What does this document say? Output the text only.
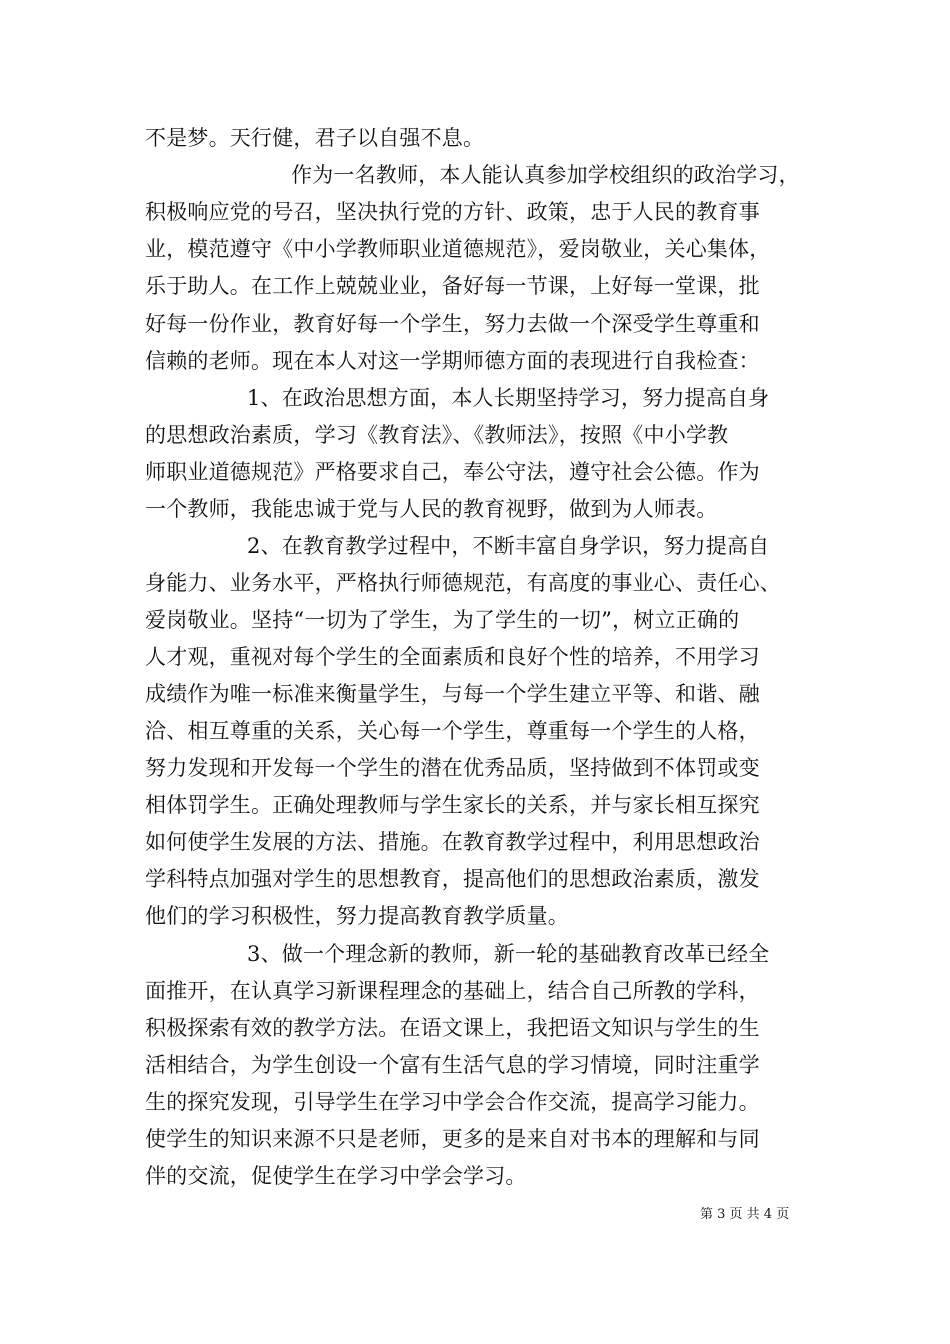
不是梦。天行健，君子以自强不息。
作为一名教师，本人能认真参加学校组织的政治学习，
积极响应党的号召，坚决执行党的方针、政策，忠于人民的教育事
业，模范遵守《中小学教师职业道德规范》，爱岗敬业，关心集体，
乐于助人。在工作上兢兢业业，备好每一节课，上好每一堂课，批
好每一份作业，教育好每一个学生，努力去做一个深受学生尊重和
信赖的老师。现在本人对这一学期师德方面的表现进行自我检查：
1、在政治思想方面，本人长期坚持学习，努力提高自身
的思想政治素质，学习《教育法》、《教师法》，按照《中小学教
师职业道德规范》严格要求自己，奉公守法，遵守社会公德。作为
一个教师，我能忠诚于党与人民的教育视野，做到为人师表。
2、在教育教学过程中，不断丰富自身学识，努力提高自
身能力、业务水平，严格执行师德规范，有高度的事业心、责任心、
爱岗敬业。坚持“一切为了学生，为了学生的一切”，树立正确的
人才观，重视对每个学生的全面素质和良好个性的培养，不用学习
成绩作为唯一标准来衡量学生，与每一个学生建立平等、和谐、融
洽、相互尊重的关系，关心每一个学生，尊重每一个学生的人格，
努力发现和开发每一个学生的潜在优秀品质，坚持做到不体罚或变
相体罚学生。正确处理教师与学生家长的关系，并与家长相互探究
如何使学生发展的方法、措施。在教育教学过程中，利用思想政治
学科特点加强对学生的思想教育，提高他们的思想政治素质，激发
他们的学习积极性，努力提高教育教学质量。
3、做一个理念新的教师，新一轮的基础教育改革已经全
面推开，在认真学习新课程理念的基础上，结合自己所教的学科，
积极探索有效的教学方法。在语文课上，我把语文知识与学生的生
活相结合，为学生创设一个富有生活气息的学习情境，同时注重学
生的探究发现，引导学生在学习中学会合作交流，提高学习能力。
使学生的知识来源不只是老师，更多的是来自对书本的理解和与同
伴的交流，促使学生在学习中学会学习。
第 3 页 共 4 页
